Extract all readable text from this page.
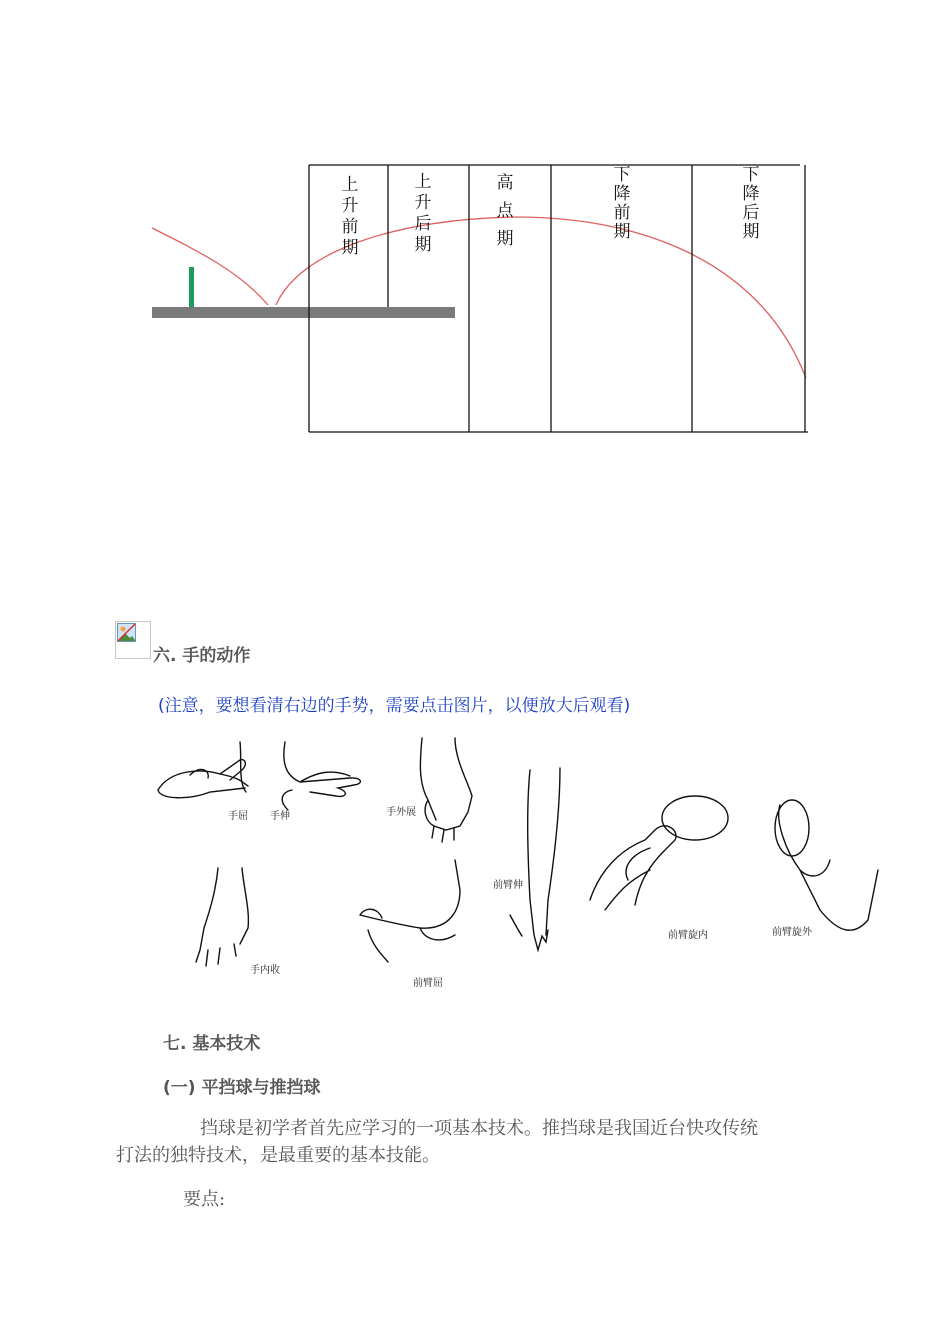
上升前期
上升后期
高点期
下降前期
下降后期
六. 手的动作
(注意，要想看清右边的手势，需要点击图片，以便放大后观看)
手屈 手伸	手外展
前臂伸
前臂旋内	前臂旋外
手内收
前臂屈
七. 基本技术
(一) 平挡球与推挡球
挡球是初学者首先应学习的一项基本技术。推挡球是我国近台快攻传统
打法的独特技术，是最重要的基本技能。
要点:
